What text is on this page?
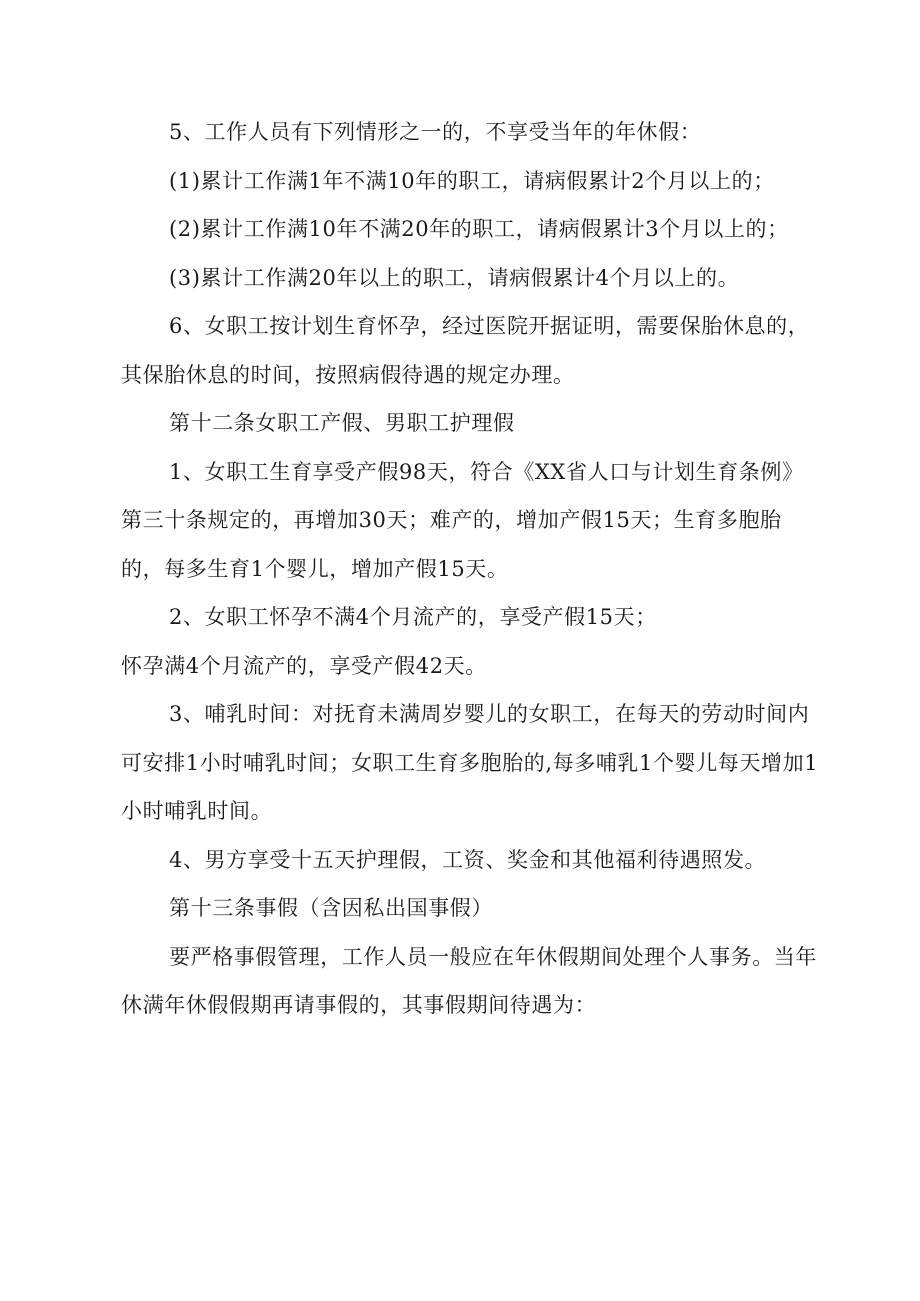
5、工作人员有下列情形之一的，不享受当年的年休假：

(1)累计工作满1年不满10年的职工，请病假累计2个月以上的；

(2)累计工作满10年不满20年的职工，请病假累计3个月以上的；

(3)累计工作满20年以上的职工，请病假累计4个月以上的。

6、女职工按计划生育怀孕，经过医院开据证明，需要保胎休息的，其保胎休息的时间，按照病假待遇的规定办理。

第十二条女职工产假、男职工护理假

1、女职工生育享受产假98天，符合《XX省人口与计划生育条例》第三十条规定的，再增加30天；难产的，增加产假15天；生育多胞胎的，每多生育1个婴儿，增加产假15天。

2、女职工怀孕不满4个月流产的，享受产假15天；

怀孕满4个月流产的，享受产假42天。

3、哺乳时间：对抚育未满周岁婴儿的女职工，在每天的劳动时间内可安排1小时哺乳时间；女职工生育多胞胎的,每多哺乳1个婴儿每天增加1小时哺乳时间。

4、男方享受十五天护理假，工资、奖金和其他福利待遇照发。

第十三条事假（含因私出国事假）

要严格事假管理，工作人员一般应在年休假期间处理个人事务。当年休满年休假假期再请事假的，其事假期间待遇为：
